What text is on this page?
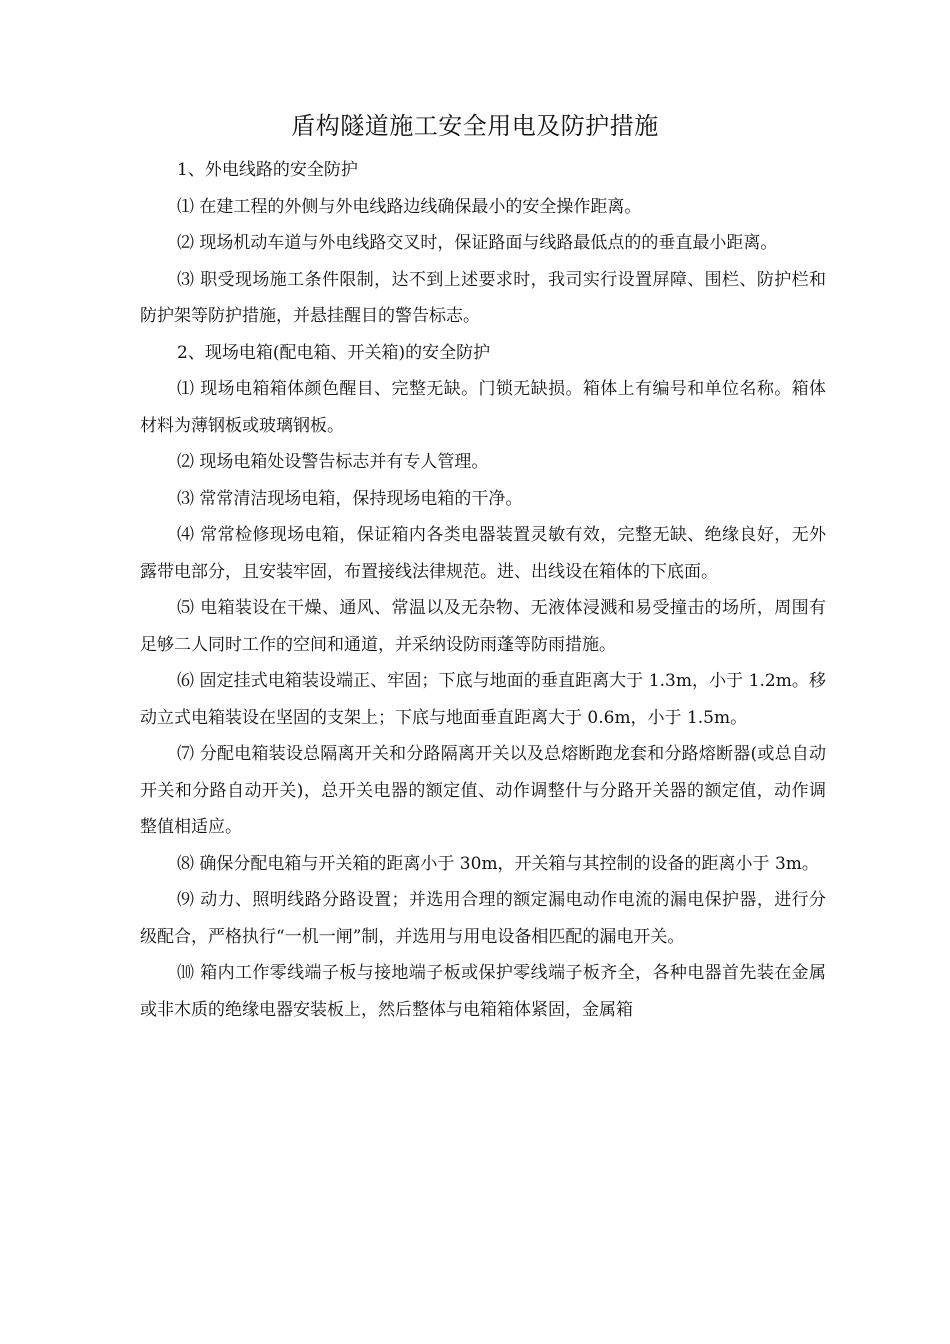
盾构隧道施工安全用电及防护措施

1、外电线路的安全防护

⑴ 在建工程的外侧与外电线路边线确保最小的安全操作距离。

⑵ 现场机动车道与外电线路交叉时，保证路面与线路最低点的的垂直最小距离。

⑶ 职受现场施工条件限制，达不到上述要求时，我司实行设置屏障、围栏、防护栏和防护架等防护措施，并悬挂醒目的警告标志。

2、现场电箱(配电箱、开关箱)的安全防护

⑴ 现场电箱箱体颜色醒目、完整无缺。门锁无缺损。箱体上有编号和单位名称。箱体材料为薄钢板或玻璃钢板。

⑵ 现场电箱处设警告标志并有专人管理。

⑶ 常常清洁现场电箱，保持现场电箱的干净。

⑷ 常常检修现场电箱，保证箱内各类电器装置灵敏有效，完整无缺、绝缘良好，无外露带电部分，且安装牢固，布置接线法律规范。进、出线设在箱体的下底面。

⑸ 电箱装设在干燥、通风、常温以及无杂物、无液体浸溅和易受撞击的场所，周围有足够二人同时工作的空间和通道，并采纳设防雨蓬等防雨措施。

⑹ 固定挂式电箱装设端正、牢固；下底与地面的垂直距离大于 1.3m，小于 1.2m。移动立式电箱装设在坚固的支架上；下底与地面垂直距离大于 0.6m，小于 1.5m。

⑺ 分配电箱装设总隔离开关和分路隔离开关以及总熔断跑龙套和分路熔断器(或总自动开关和分路自动开关)，总开关电器的额定值、动作调整什与分路开关器的额定值，动作调整值相适应。

⑻ 确保分配电箱与开关箱的距离小于 30m，开关箱与其控制的设备的距离小于 3m。

⑼ 动力、照明线路分路设置；并选用合理的额定漏电动作电流的漏电保护器，进行分级配合，严格执行“一机一闸”制，并选用与用电设备相匹配的漏电开关。

⑽ 箱内工作零线端子板与接地端子板或保护零线端子板齐全，各种电器首先装在金属或非木质的绝缘电器安装板上，然后整体与电箱箱体紧固，金属箱
